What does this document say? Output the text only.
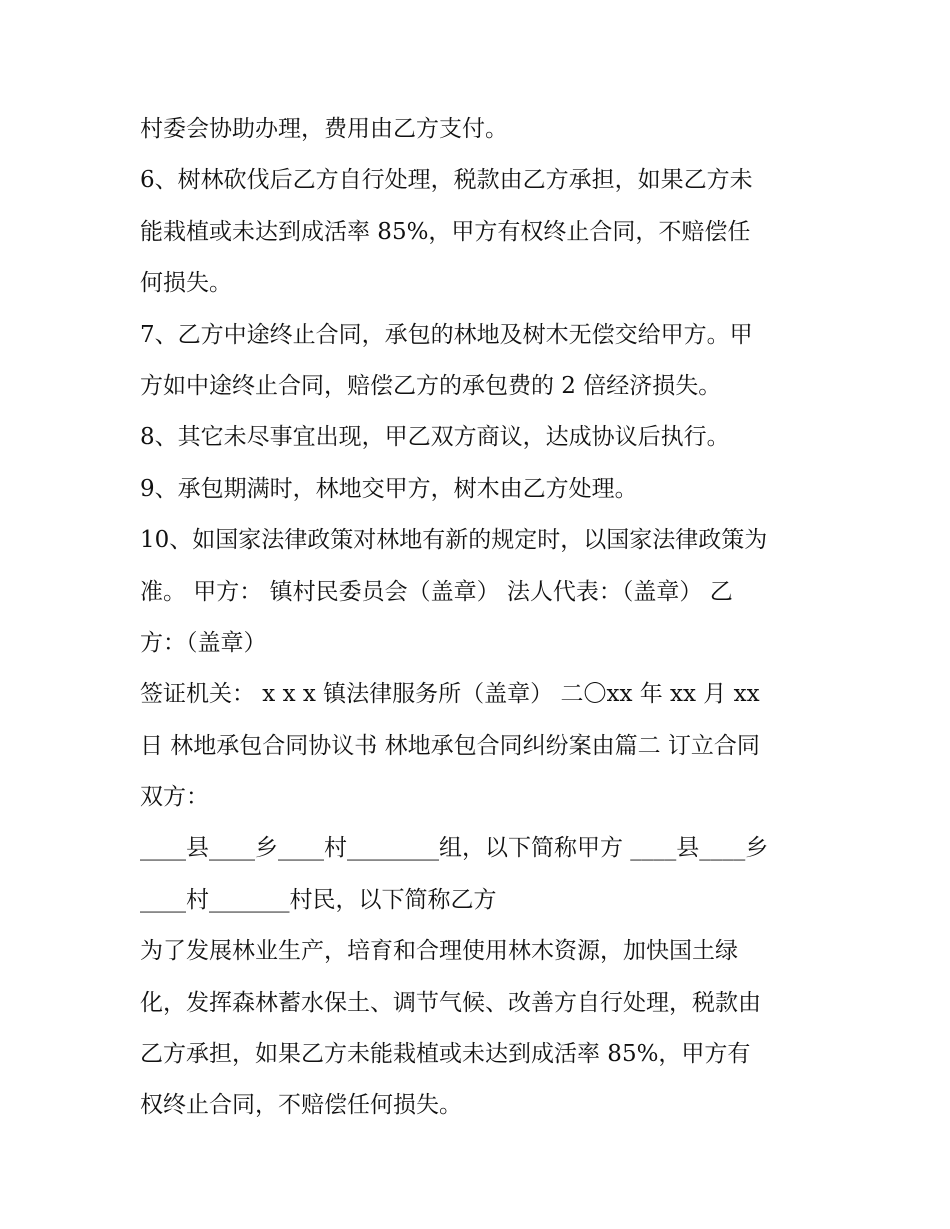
村委会协助办理，费用由乙方支付。
6、树林砍伐后乙方自行处理，税款由乙方承担，如果乙方未
能栽植或未达到成活率 85%，甲方有权终止合同，不赔偿任
何损失。
7、乙方中途终止合同，承包的林地及树木无偿交给甲方。甲
方如中途终止合同，赔偿乙方的承包费的 2 倍经济损失。
8、其它未尽事宜出现，甲乙双方商议，达成协议后执行。
9、承包期满时，林地交甲方，树木由乙方处理。
10、如国家法律政策对林地有新的规定时，以国家法律政策为
准。 甲方： 镇村民委员会（盖章） 法人代表：（盖章） 乙
方：（盖章）
签证机关： x x x 镇法律服务所（盖章） 二〇xx 年 xx 月 xx
日 林地承包合同协议书 林地承包合同纠纷案由篇二 订立合同
双方：
____县____乡____村________组，以下简称甲方 ____县____乡
____村_______村民，以下简称乙方
为了发展林业生产，培育和合理使用林木资源，加快国土绿
化，发挥森林蓄水保土、调节气候、改善方自行处理，税款由
乙方承担，如果乙方未能栽植或未达到成活率 85%，甲方有
权终止合同，不赔偿任何损失。
